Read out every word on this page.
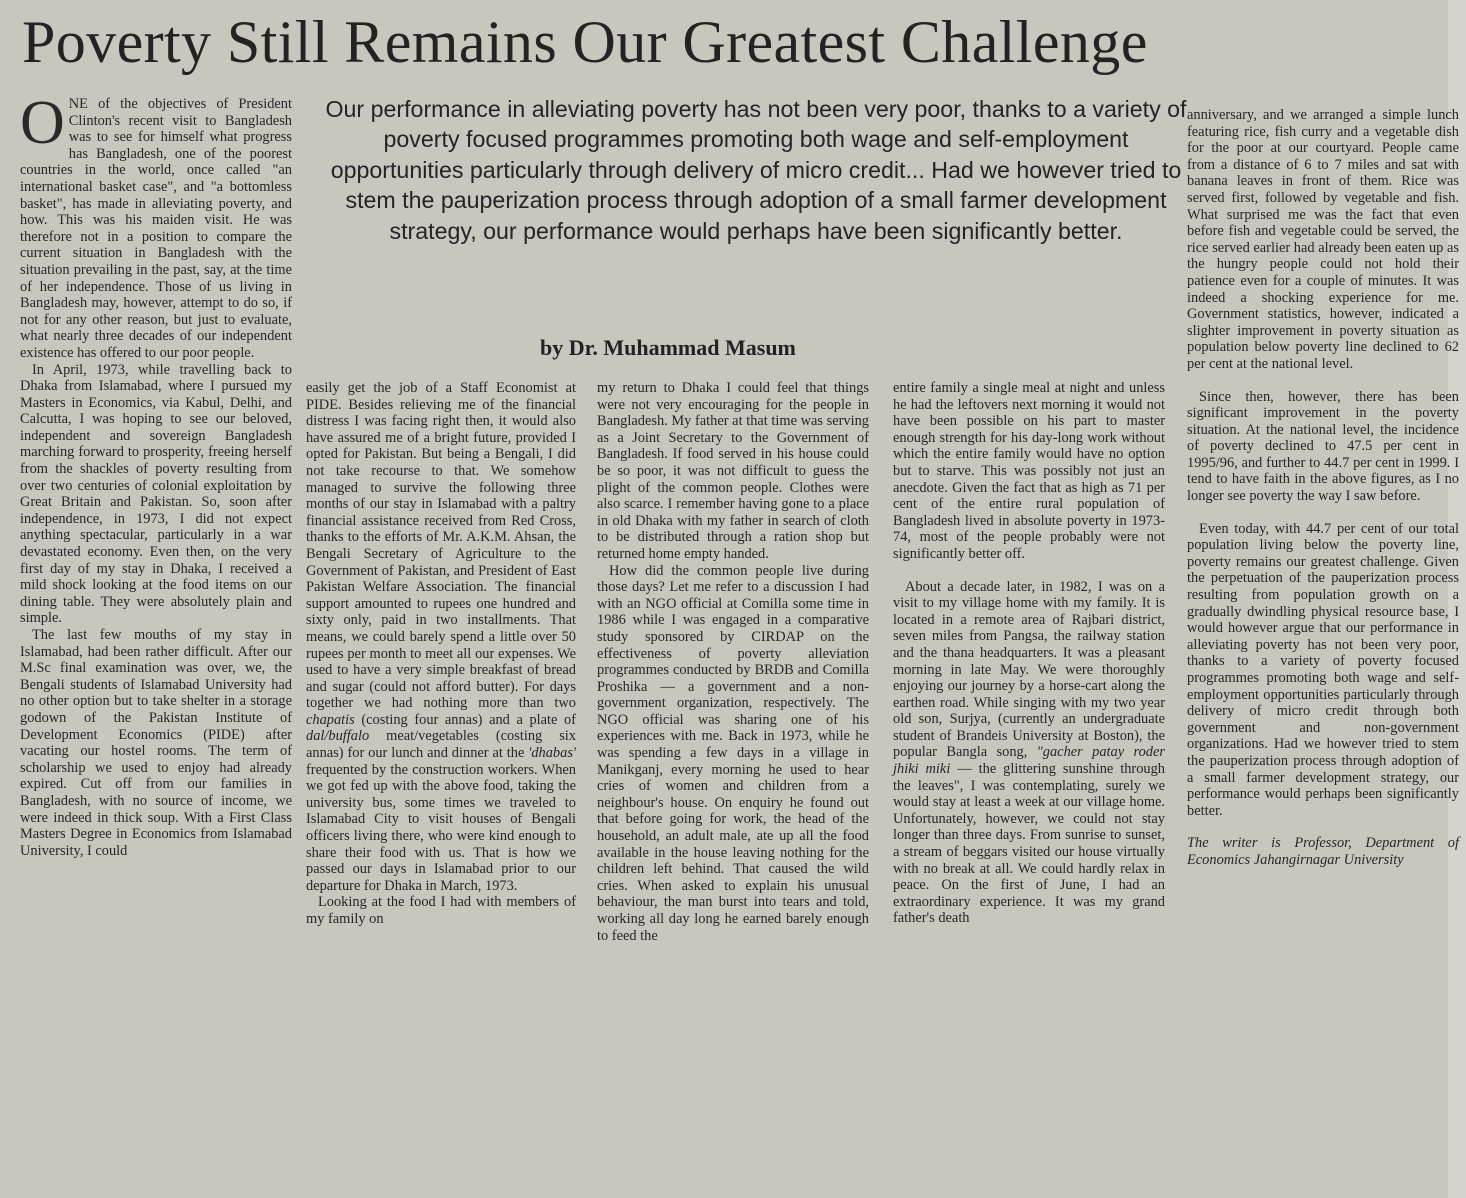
Poverty Still Remains Our Greatest Challenge

ONE of the objectives of President Clinton's recent visit to Bangladesh was to see for himself what progress has Bangladesh, one of the poorest countries in the world, once called "an international basket case", and "a bottomless basket", has made in alleviating poverty, and how. This was his maiden visit. He was therefore not in a position to compare the current situation in Bangladesh with the situation prevailing in the past, say, at the time of her independence. Those of us living in Bangladesh may, however, attempt to do so, if not for any other reason, but just to evaluate, what nearly three decades of our independent existence has offered to our poor people.

In April, 1973, while travelling back to Dhaka from Islamabad, where I pursued my Masters in Economics, via Kabul, Delhi, and Calcutta, I was hoping to see our beloved, independent and sovereign Bangladesh marching forward to prosperity, freeing herself from the shackles of poverty resulting from over two centuries of colonial exploitation by Great Britain and Pakistan. So, soon after independence, in 1973, I did not expect anything spectacular, particularly in a war devastated economy. Even then, on the very first day of my stay in Dhaka, I received a mild shock looking at the food items on our dining table. They were absolutely plain and simple.

The last few mouths of my stay in Islamabad, had been rather difficult. After our M.Sc final examination was over, we, the Bengali students of Islamabad University had no other option but to take shelter in a storage godown of the Pakistan Institute of Development Economics (PIDE) after vacating our hostel rooms. The term of scholarship we used to enjoy had already expired. Cut off from our families in Bangladesh, with no source of income, we were indeed in thick soup. With a First Class Masters Degree in Economics from Islamabad University, I could

Our performance in alleviating poverty has not been very poor, thanks to a variety of poverty focused programmes promoting both wage and self-employment opportunities particularly through delivery of micro credit... Had we however tried to stem the pauperization process through adoption of a small farmer development strategy, our performance would perhaps have been significantly better.
by Dr. Muhammad Masum

easily get the job of a Staff Economist at PIDE. Besides relieving me of the financial distress I was facing right then, it would also have assured me of a bright future, provided I opted for Pakistan. But being a Bengali, I did not take recourse to that. We somehow managed to survive the following three months of our stay in Islamabad with a paltry financial assistance received from Red Cross, thanks to the efforts of Mr. A.K.M. Ahsan, the Bengali Secretary of Agriculture to the Government of Pakistan, and President of East Pakistan Welfare Association. The financial support amounted to rupees one hundred and sixty only, paid in two installments. That means, we could barely spend a little over 50 rupees per month to meet all our expenses. We used to have a very simple breakfast of bread and sugar (could not afford butter). For days together we had nothing more than two chapatis (costing four annas) and a plate of dal/buffalo meat/vegetables (costing six annas) for our lunch and dinner at the 'dhabas' frequented by the construction workers. When we got fed up with the above food, taking the university bus, some times we traveled to Islamabad City to visit houses of Bengali officers living there, who were kind enough to share their food with us. That is how we passed our days in Islamabad prior to our departure for Dhaka in March, 1973.

Looking at the food I had with members of my family on

my return to Dhaka I could feel that things were not very encouraging for the people in Bangladesh. My father at that time was serving as a Joint Secretary to the Government of Bangladesh. If food served in his house could be so poor, it was not difficult to guess the plight of the common people. Clothes were also scarce. I remember having gone to a place in old Dhaka with my father in search of cloth to be distributed through a ration shop but returned home empty handed.

How did the common people live during those days? Let me refer to a discussion I had with an NGO official at Comilla some time in 1986 while I was engaged in a comparative study sponsored by CIRDAP on the effectiveness of poverty alleviation programmes conducted by BRDB and Comilla Proshika — a government and a non-government organization, respectively. The NGO official was sharing one of his experiences with me. Back in 1973, while he was spending a few days in a village in Manikganj, every morning he used to hear cries of women and children from a neighbour's house. On enquiry he found out that before going for work, the head of the household, an adult male, ate up all the food available in the house leaving nothing for the children left behind. That caused the wild cries. When asked to explain his unusual behaviour, the man burst into tears and told, working all day long he earned barely enough to feed the

entire family a single meal at night and unless he had the leftovers next morning it would not have been possible on his part to master enough strength for his day-long work without which the entire family would have no option but to starve. This was possibly not just an anecdote. Given the fact that as high as 71 per cent of the entire rural population of Bangladesh lived in absolute poverty in 1973-74, most of the people probably were not significantly better off.

About a decade later, in 1982, I was on a visit to my village home with my family. It is located in a remote area of Rajbari district, seven miles from Pangsa, the railway station and the thana headquarters. It was a pleasant morning in late May. We were thoroughly enjoying our journey by a horse-cart along the earthen road. While singing with my two year old son, Surjya, (currently an undergraduate student of Brandeis University at Boston), the popular Bangla song, "gacher patay roder jhiki miki — the glittering sunshine through the leaves", I was contemplating, surely we would stay at least a week at our village home. Unfortunately, however, we could not stay longer than three days. From sunrise to sunset, a stream of beggars visited our house virtually with no break at all. We could hardly relax in peace. On the first of June, I had an extraordinary experience. It was my grand father's death

anniversary, and we arranged a simple lunch featuring rice, fish curry and a vegetable dish for the poor at our courtyard. People came from a distance of 6 to 7 miles and sat with banana leaves in front of them. Rice was served first, followed by vegetable and fish. What surprised me was the fact that even before fish and vegetable could be served, the rice served earlier had already been eaten up as the hungry people could not hold their patience even for a couple of minutes. It was indeed a shocking experience for me. Government statistics, however, indicated a slighter improvement in poverty situation as population below poverty line declined to 62 per cent at the national level.

Since then, however, there has been significant improvement in the poverty situation. At the national level, the incidence of poverty declined to 47.5 per cent in 1995/96, and further to 44.7 per cent in 1999. I tend to have faith in the above figures, as I no longer see poverty the way I saw before.

Even today, with 44.7 per cent of our total population living below the poverty line, poverty remains our greatest challenge. Given the perpetuation of the pauperization process resulting from population growth on a gradually dwindling physical resource base, I would however argue that our performance in alleviating poverty has not been very poor, thanks to a variety of poverty focused programmes promoting both wage and self-employment opportunities particularly through delivery of micro credit through both government and non-government organizations. Had we however tried to stem the pauperization process through adoption of a small farmer development strategy, our performance would perhaps been significantly better.

The writer is Professor, Department of Economics Jahangirnagar University
